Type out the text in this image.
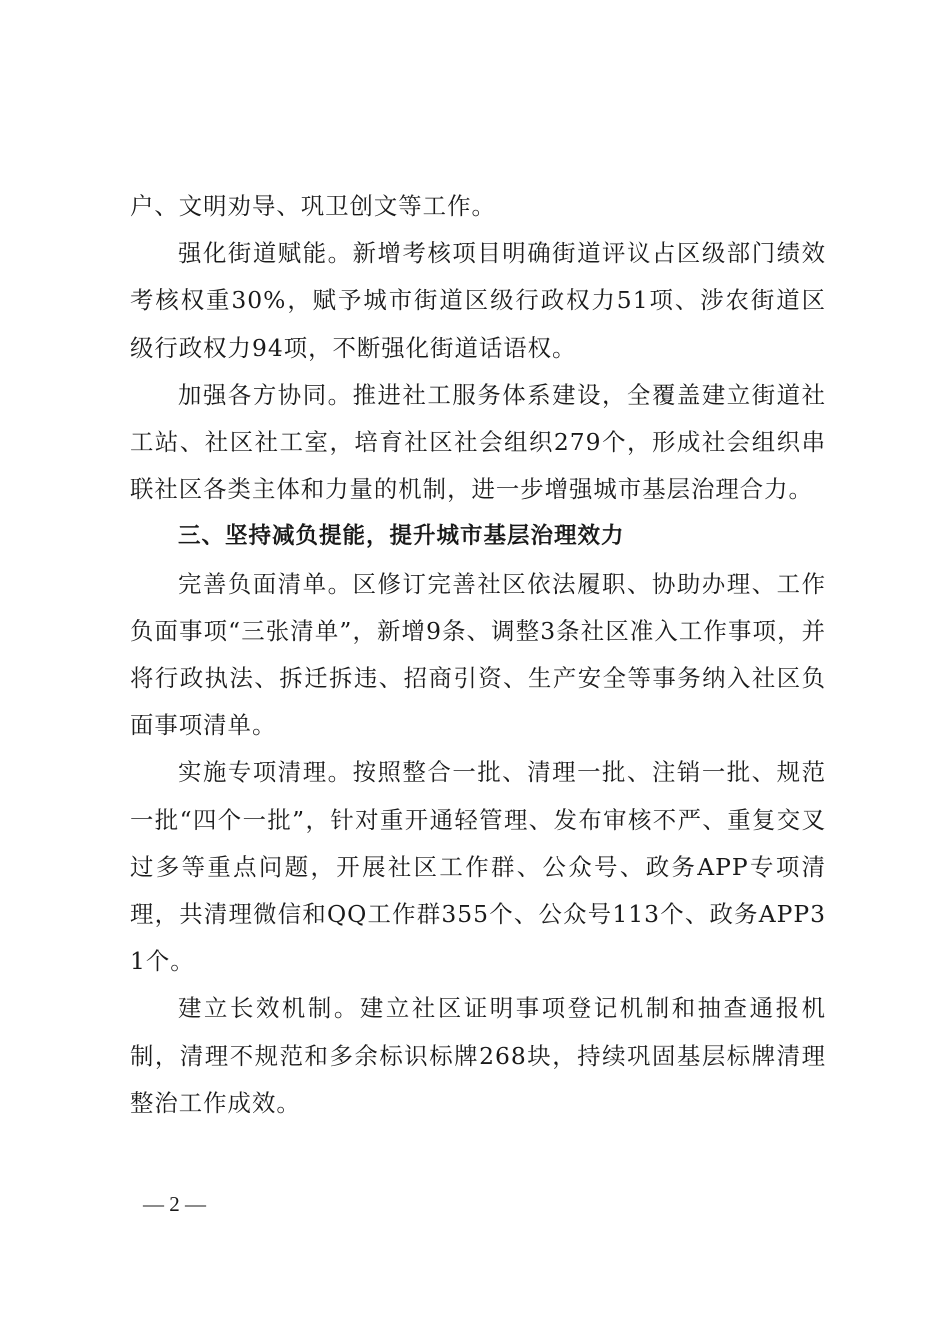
户、文明劝导、巩卫创文等工作。

强化街道赋能。新增考核项目明确街道评议占区级部门绩效考核权重30%，赋予城市街道区级行政权力51项、涉农街道区级行政权力94项，不断强化街道话语权。

加强各方协同。推进社工服务体系建设，全覆盖建立街道社工站、社区社工室，培育社区社会组织279个，形成社会组织串联社区各类主体和力量的机制，进一步增强城市基层治理合力。

三、坚持减负提能，提升城市基层治理效力

完善负面清单。区修订完善社区依法履职、协助办理、工作负面事项“三张清单”，新增9条、调整3条社区准入工作事项，并将行政执法、拆迁拆违、招商引资、生产安全等事务纳入社区负面事项清单。

实施专项清理。按照整合一批、清理一批、注销一批、规范一批“四个一批”，针对重开通轻管理、发布审核不严、重复交叉过多等重点问题，开展社区工作群、公众号、政务APP专项清理，共清理微信和QQ工作群355个、公众号113个、政务APP31个。

建立长效机制。建立社区证明事项登记机制和抽查通报机制，清理不规范和多余标识标牌268块，持续巩固基层标牌清理整治工作成效。

— 2 —
